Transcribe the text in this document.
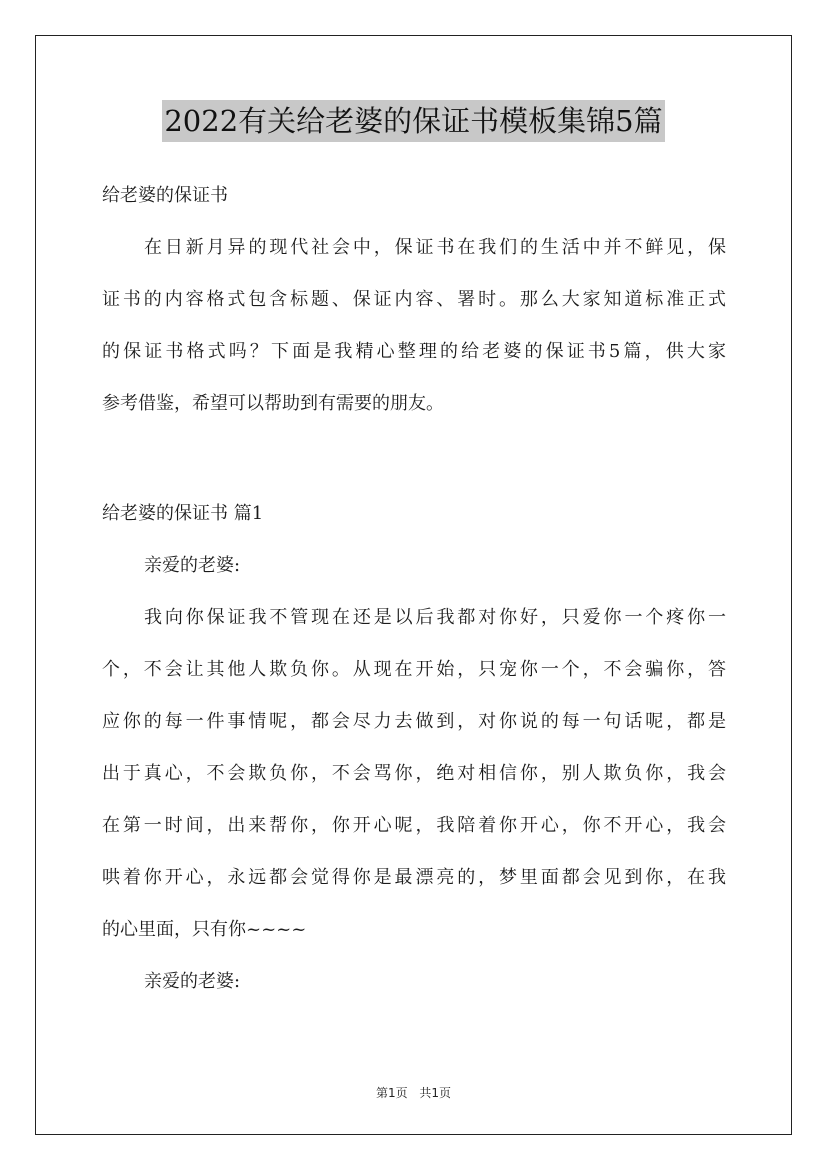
2022有关给老婆的保证书模板集锦5篇
给老婆的保证书
在日新月异的现代社会中，保证书在我们的生活中并不鲜见，保
证书的内容格式包含标题、保证内容、署时。那么大家知道标准正式
的保证书格式吗？下面是我精心整理的给老婆的保证书5篇，供大家
参考借鉴，希望可以帮助到有需要的朋友。
给老婆的保证书 篇1
亲爱的老婆:
我向你保证我不管现在还是以后我都对你好，只爱你一个疼你一
个，不会让其他人欺负你。从现在开始，只宠你一个，不会骗你，答
应你的每一件事情呢，都会尽力去做到，对你说的每一句话呢，都是
出于真心，不会欺负你，不会骂你，绝对相信你，别人欺负你，我会
在第一时间，出来帮你，你开心呢，我陪着你开心，你不开心，我会
哄着你开心，永远都会觉得你是最漂亮的，梦里面都会见到你，在我
的心里面，只有你~~~~
亲爱的老婆:
第1页 共1页
